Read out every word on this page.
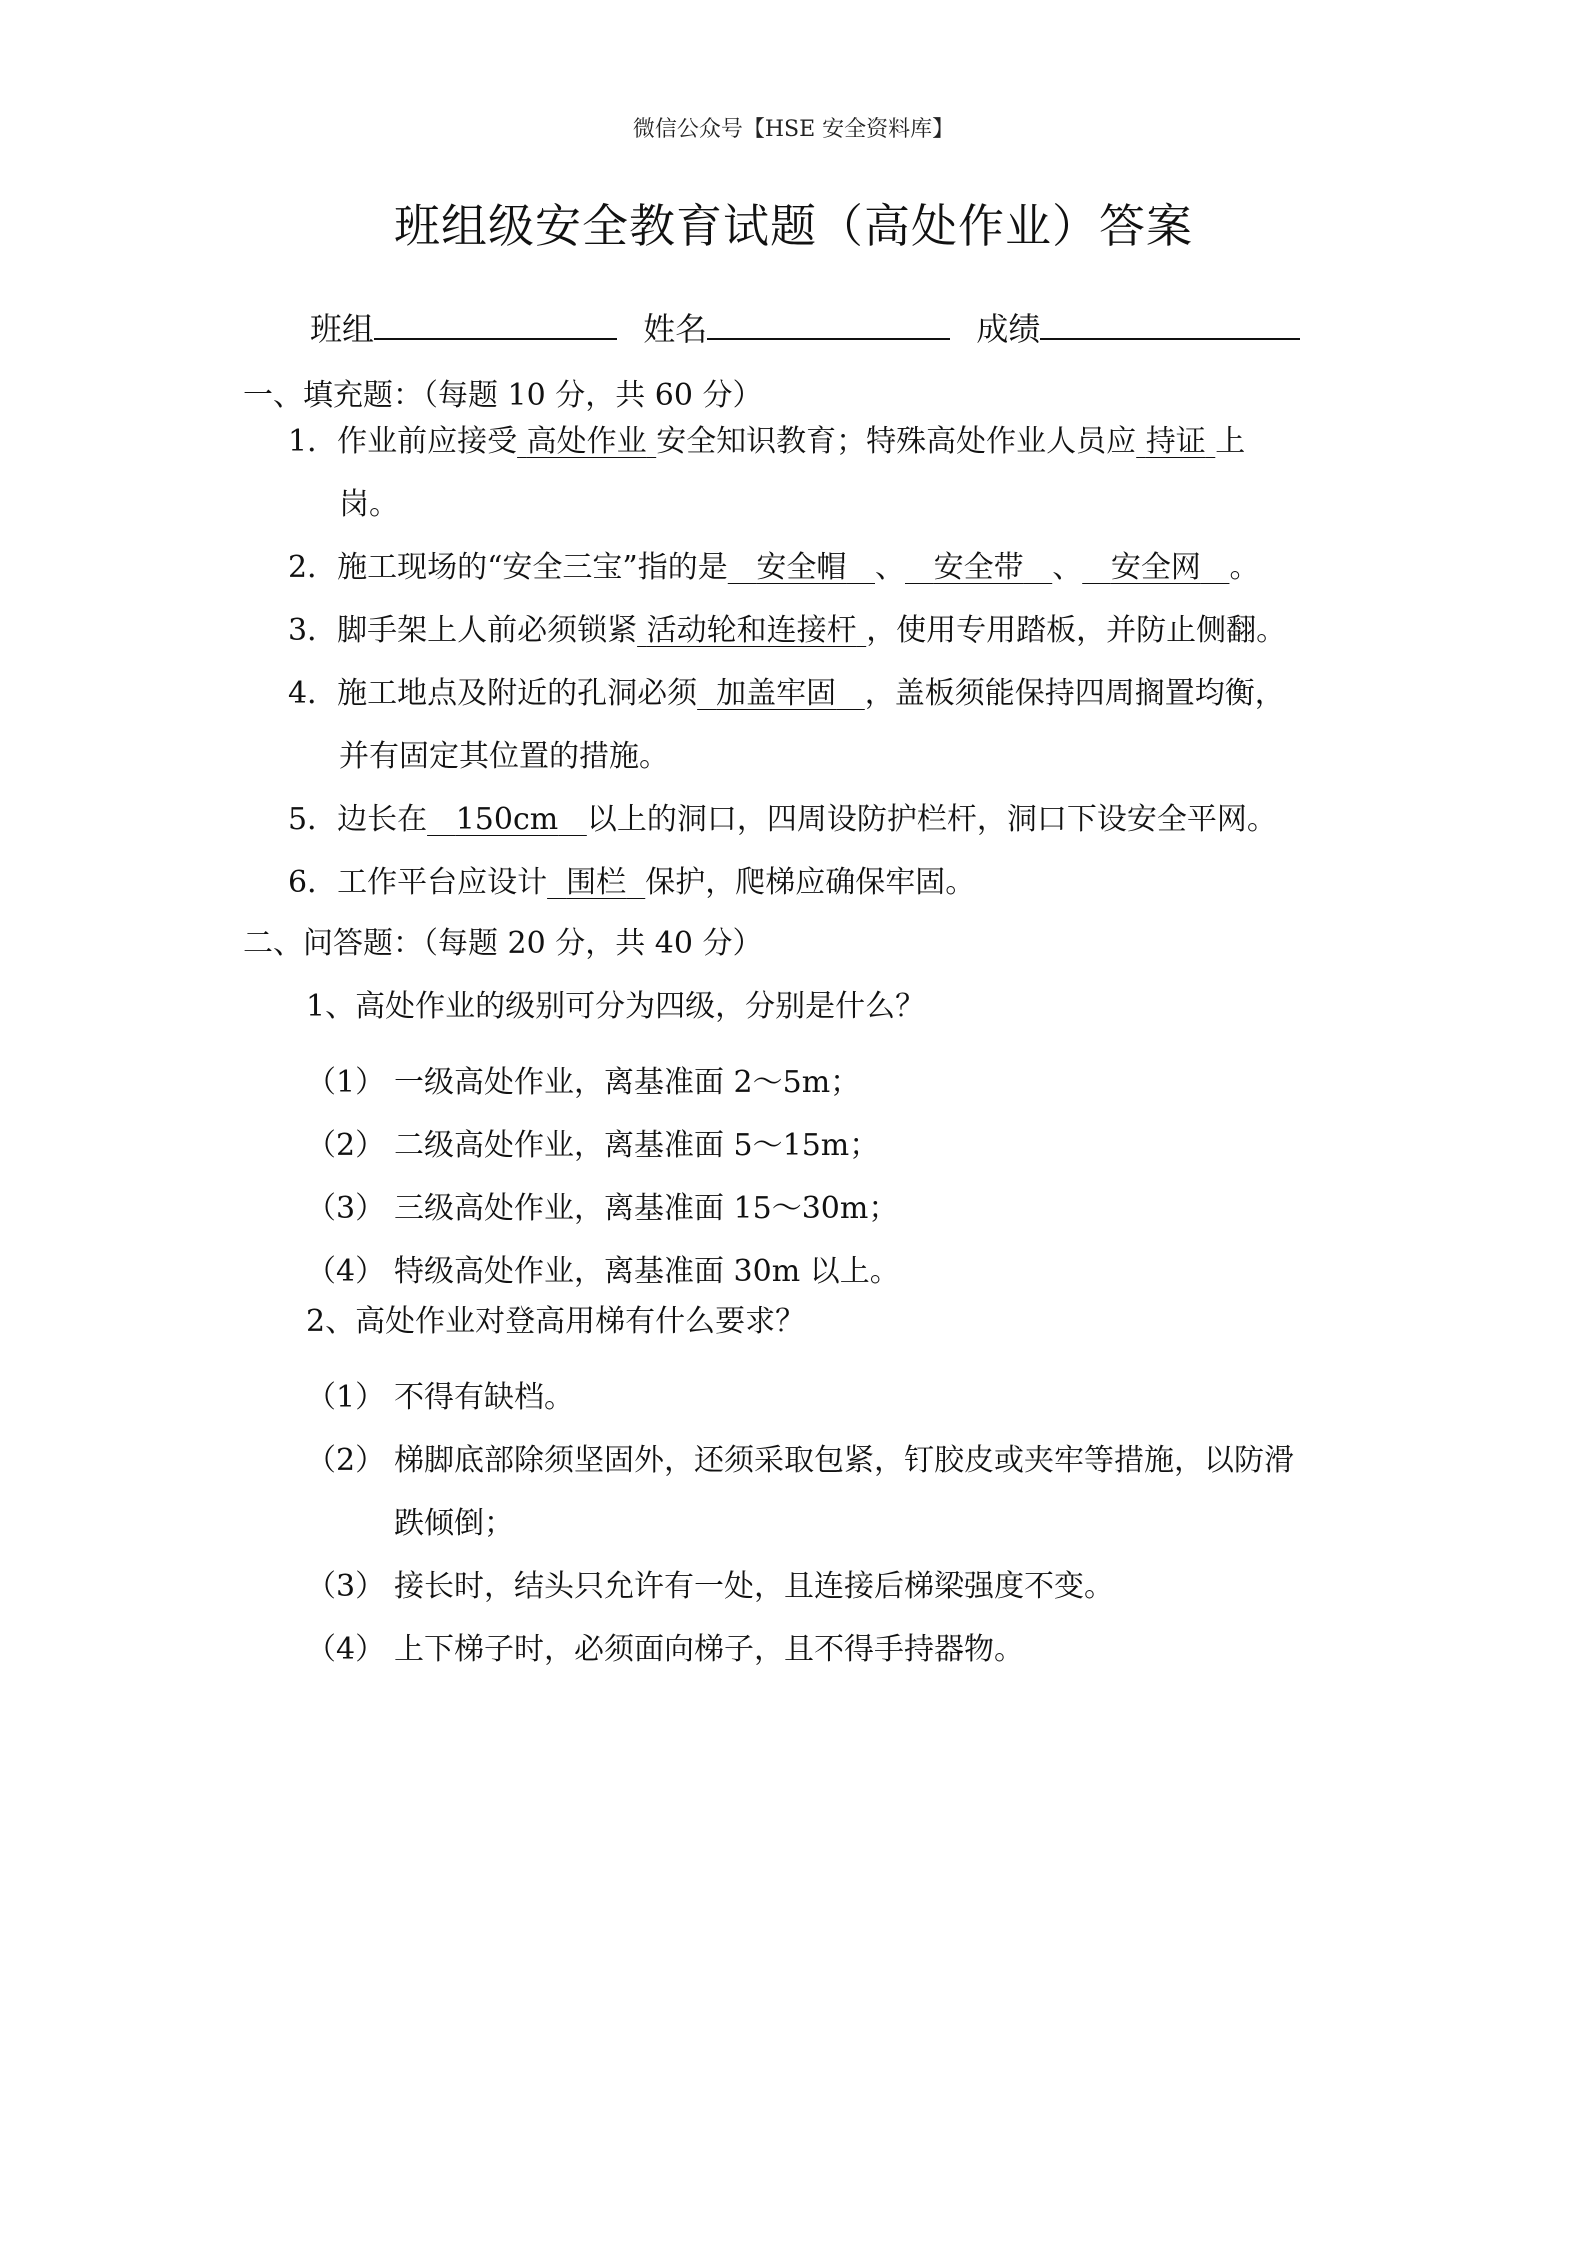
微信公众号【HSE 安全资料库】
班组级安全教育试题（高处作业）答案
班组	姓名	成绩
一、填充题：（每题 10 分，共 60 分）
1．作业前应接受 高处作业 安全知识教育；特殊高处作业人员应 持证 上
岗。
2．施工现场的“安全三宝”指的是 安全帽 、 安全带 、 安全网 。
3．脚手架上人前必须锁紧 活动轮和连接杆 ，使用专用踏板，并防止侧翻。
4．施工地点及附近的孔洞必须 加盖牢固 ，盖板须能保持四周搁置均衡，
并有固定其位置的措施。
5．边长在 150cm 以上的洞口，四周设防护栏杆，洞口下设安全平网。
6．工作平台应设计 围栏 保护，爬梯应确保牢固。
二、问答题：（每题 20 分，共 40 分）
1、高处作业的级别可分为四级，分别是什么？
（1） 一级高处作业，离基准面 2～5m；
（2） 二级高处作业，离基准面 5～15m；
（3） 三级高处作业，离基准面 15～30m；
（4） 特级高处作业，离基准面 30m 以上。
2、高处作业对登高用梯有什么要求？
（1） 不得有缺档。
（2） 梯脚底部除须坚固外，还须采取包紧，钉胶皮或夹牢等措施，以防滑
跌倾倒；
（3） 接长时，结头只允许有一处，且连接后梯梁强度不变。
（4） 上下梯子时，必须面向梯子，且不得手持器物。
